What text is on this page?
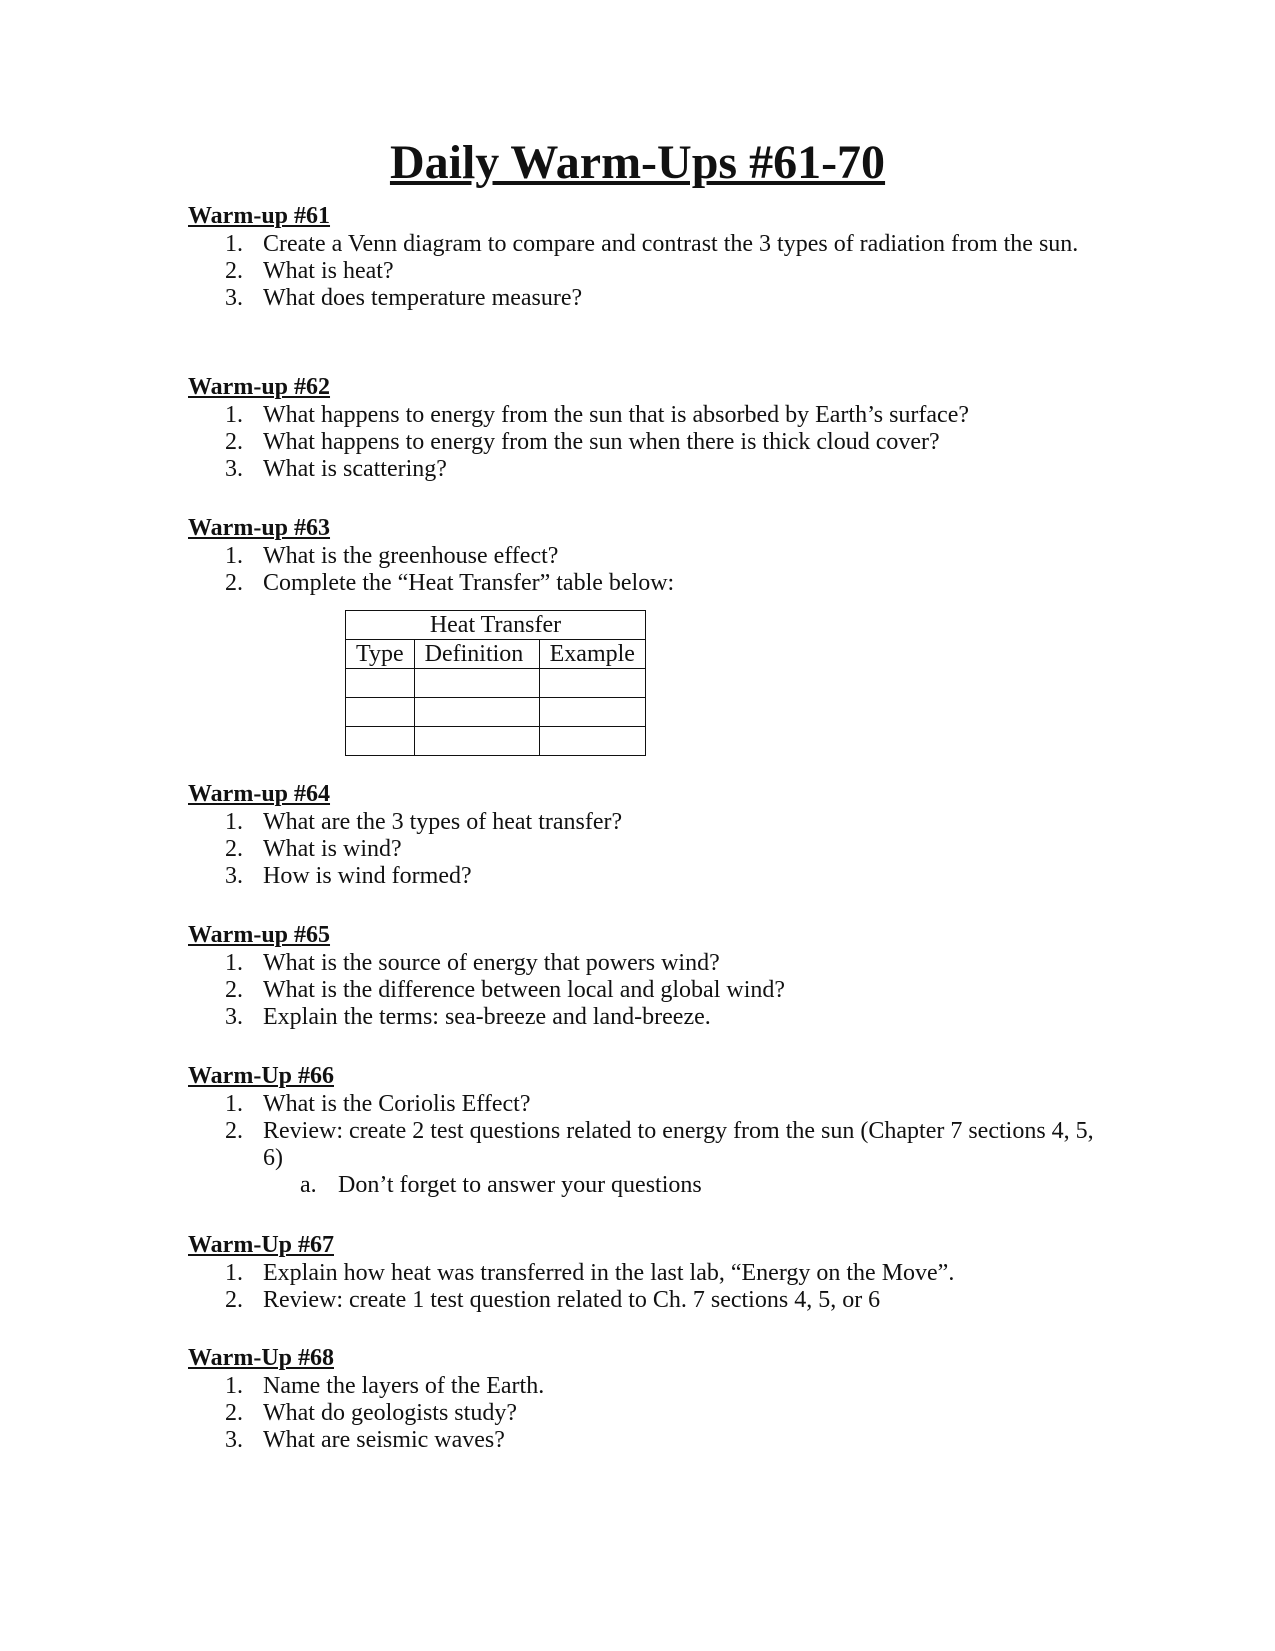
Daily Warm-Ups #61-70

Warm-up #61

1. Create a Venn diagram to compare and contrast the 3 types of radiation from the sun.
2. What is heat?
3. What does temperature measure?

Warm-up #62

1. What happens to energy from the sun that is absorbed by Earth’s surface?
2. What happens to energy from the sun when there is thick cloud cover?
3. What is scattering?

Warm-up #63

1. What is the greenhouse effect?
2. Complete the “Heat Transfer” table below:
Heat Transfer		
Type	Definition	Example

Warm-up #64

1. What are the 3 types of heat transfer?
2. What is wind?
3. How is wind formed?

Warm-up #65

1. What is the source of energy that powers wind?
2. What is the difference between local and global wind?
3. Explain the terms: sea-breeze and land-breeze.

Warm-Up #66

1. What is the Coriolis Effect?
2. Review: create 2 test questions related to energy from the sun (Chapter 7 sections 4, 5, 6)
a. Don’t forget to answer your questions

Warm-Up #67

1. Explain how heat was transferred in the last lab, “Energy on the Move”.
2. Review: create 1 test question related to Ch. 7 sections 4, 5, or 6

Warm-Up #68

1. Name the layers of the Earth.
2. What do geologists study?
3. What are seismic waves?
